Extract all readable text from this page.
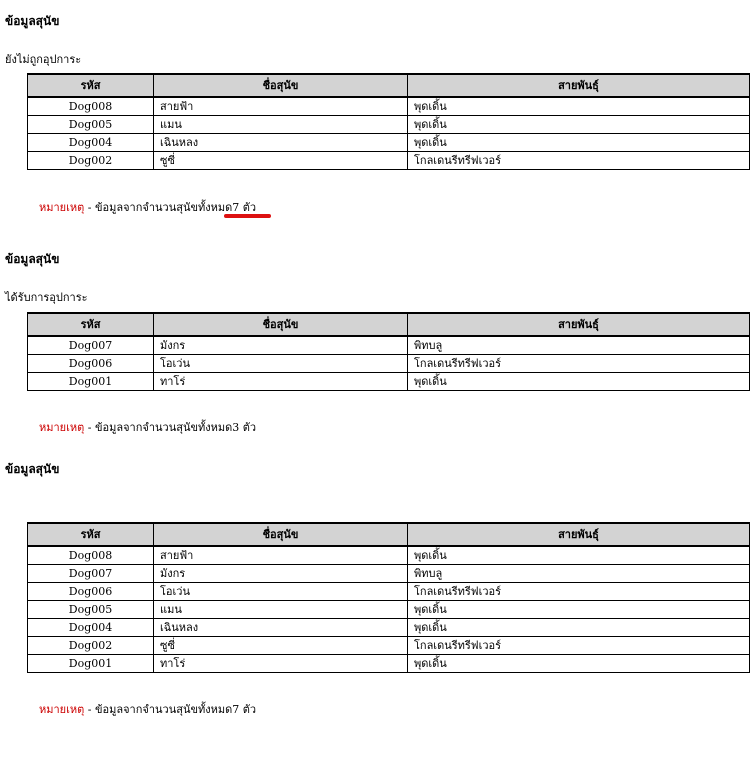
ข้อมูลสุนัข

ยังไม่ถูกอุปการะ

รหัส	ชื่อสุนัข	สายพันธุ์
Dog008	สายฟ้า	พุดเดิ้น
Dog005	แมน	พุดเดิ้น
Dog004	เฉินหลง	พุดเดิ้น
Dog002	ซูซี่	โกลเดนรีทรีฟเวอร์

หมายเหตุ - ข้อมูลจากจำนวนสุนัขทั้งหมด7 ตัว

ข้อมูลสุนัข

ได้รับการอุปการะ

รหัส	ชื่อสุนัข	สายพันธุ์
Dog007	มังกร	พิทบลู
Dog006	โอเว่น	โกลเดนรีทรีฟเวอร์
Dog001	ทาโร่	พุดเดิ้น

หมายเหตุ - ข้อมูลจากจำนวนสุนัขทั้งหมด3 ตัว

ข้อมูลสุนัข

รหัส	ชื่อสุนัข	สายพันธุ์
Dog008	สายฟ้า	พุดเดิ้น
Dog007	มังกร	พิทบลู
Dog006	โอเว่น	โกลเดนรีทรีฟเวอร์
Dog005	แมน	พุดเดิ้น
Dog004	เฉินหลง	พุดเดิ้น
Dog002	ซูซี่	โกลเดนรีทรีฟเวอร์
Dog001	ทาโร่	พุดเดิ้น

หมายเหตุ - ข้อมูลจากจำนวนสุนัขทั้งหมด7 ตัว
